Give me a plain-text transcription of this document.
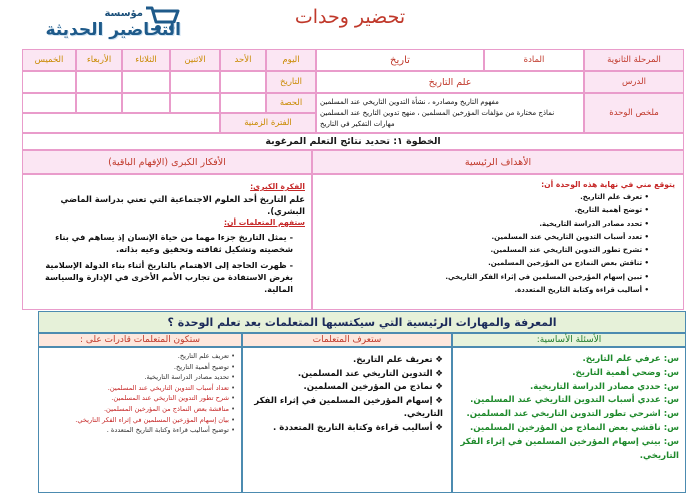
مؤسسة
التحاضير الحديثة
تحضير وحدات
المرحلة الثانوية
المادة
تاريخ
اليوم
الأحد
الاثنين
الثلاثاء
الأربعاء
الخميس
الدرس
علم التاريخ
التاريخ
ملخص الوحدة
مفهوم التاريخ ومصادره ، نشأة التدوين التاريخي عند المسلمين
نماذج مختارة من مؤلفات المؤرخين المسلمين ، منهج تدوين التاريخ عند المسلمين
مهارات التفكير في التاريخ
الحصة
الفترة الزمنية
الخطوة ١: تحديد نتائج التعلم المرغوبة
الأهداف الرئيسية
الأفكار الكبرى (الإفهام الباقية)
يتوقع مني في نهاية هذه الوحدة أن:
• تعرف علم التاريخ.
• توضح أهمية التاريخ.
• تحدد مصادر الدراسة التاريخية.
• تعدد أسباب التدوين التاريخي عند المسلمين.
• تشرح تطور التدوين التاريخي عند المسلمين.
• تناقش بعض النماذج من المؤرخين المسلمين.
• تبين إسهام المؤرخين المسلمين في إثراء الفكر التاريخي.
• أساليب قراءة وكتابة التاريخ المتعددة.

الفكرة الكبرى:

علم التاريخ أحد العلوم الاجتماعية التي تعني بدراسة الماضي البشري).

ستفهم المتعلمات أن:

- يمثل التاريخ جزءا مهما من حياة الإنسان إذ يساهم في بناء شخصيته وتشكيل ثقافته وتحقيق وعيه بذاته.

- ظهرت الحاجة إلى الاهتمام بالتاريخ أثناء بناء الدولة الإسلامية بغرض الاستفادة من تجارب الأمم الأخرى في الإدارة والسياسة المالية.

المعرفة والمهارات الرئيسية التي سيكتسبها المتعلمات بعد تعلم الوحدة ؟
الأسئلة الأساسية:
ستعرف المتعلمات
ستكون المتعلمات قادرات على :
س: عرفي علم التاريخ.
س: وضحي أهمية التاريخ.
س: حددي مصادر الدراسة التاريخية.
س: عددي أسباب التدوين التاريخي عند المسلمين.
س: اشرحي تطور التدوين التاريخي عند المسلمين.
س: ناقشي بعض النماذج من المؤرخين المسلمين.
س: بيني إسهام المؤرخين المسلمين في إثراء الفكر التاريخي.
❖ تعريف علم التاريخ.
❖ التدوين التاريخي عند المسلمين.
❖ نماذج من المؤرخين المسلمين.
❖ إسهام المؤرخين المسلمين في إثراء الفكر التاريخي.
❖ أساليب قراءة وكتابة التاريخ المتعددة .
• تعريف علم التاريخ.
• توضيح أهمية التاريخ.
• تحديد مصادر الدراسة التاريخية.
• تعداد أسباب التدوين التاريخي عند المسلمين.
• شرح تطور التدوين التاريخي عند المسلمين.
• مناقشة بعض النماذج من المؤرخين المسلمين.
• بيان إسهام المؤرخين المسلمين في إثراء الفكر التاريخي.
• توضيح أساليب قراءة وكتابة التاريخ المتعددة .
